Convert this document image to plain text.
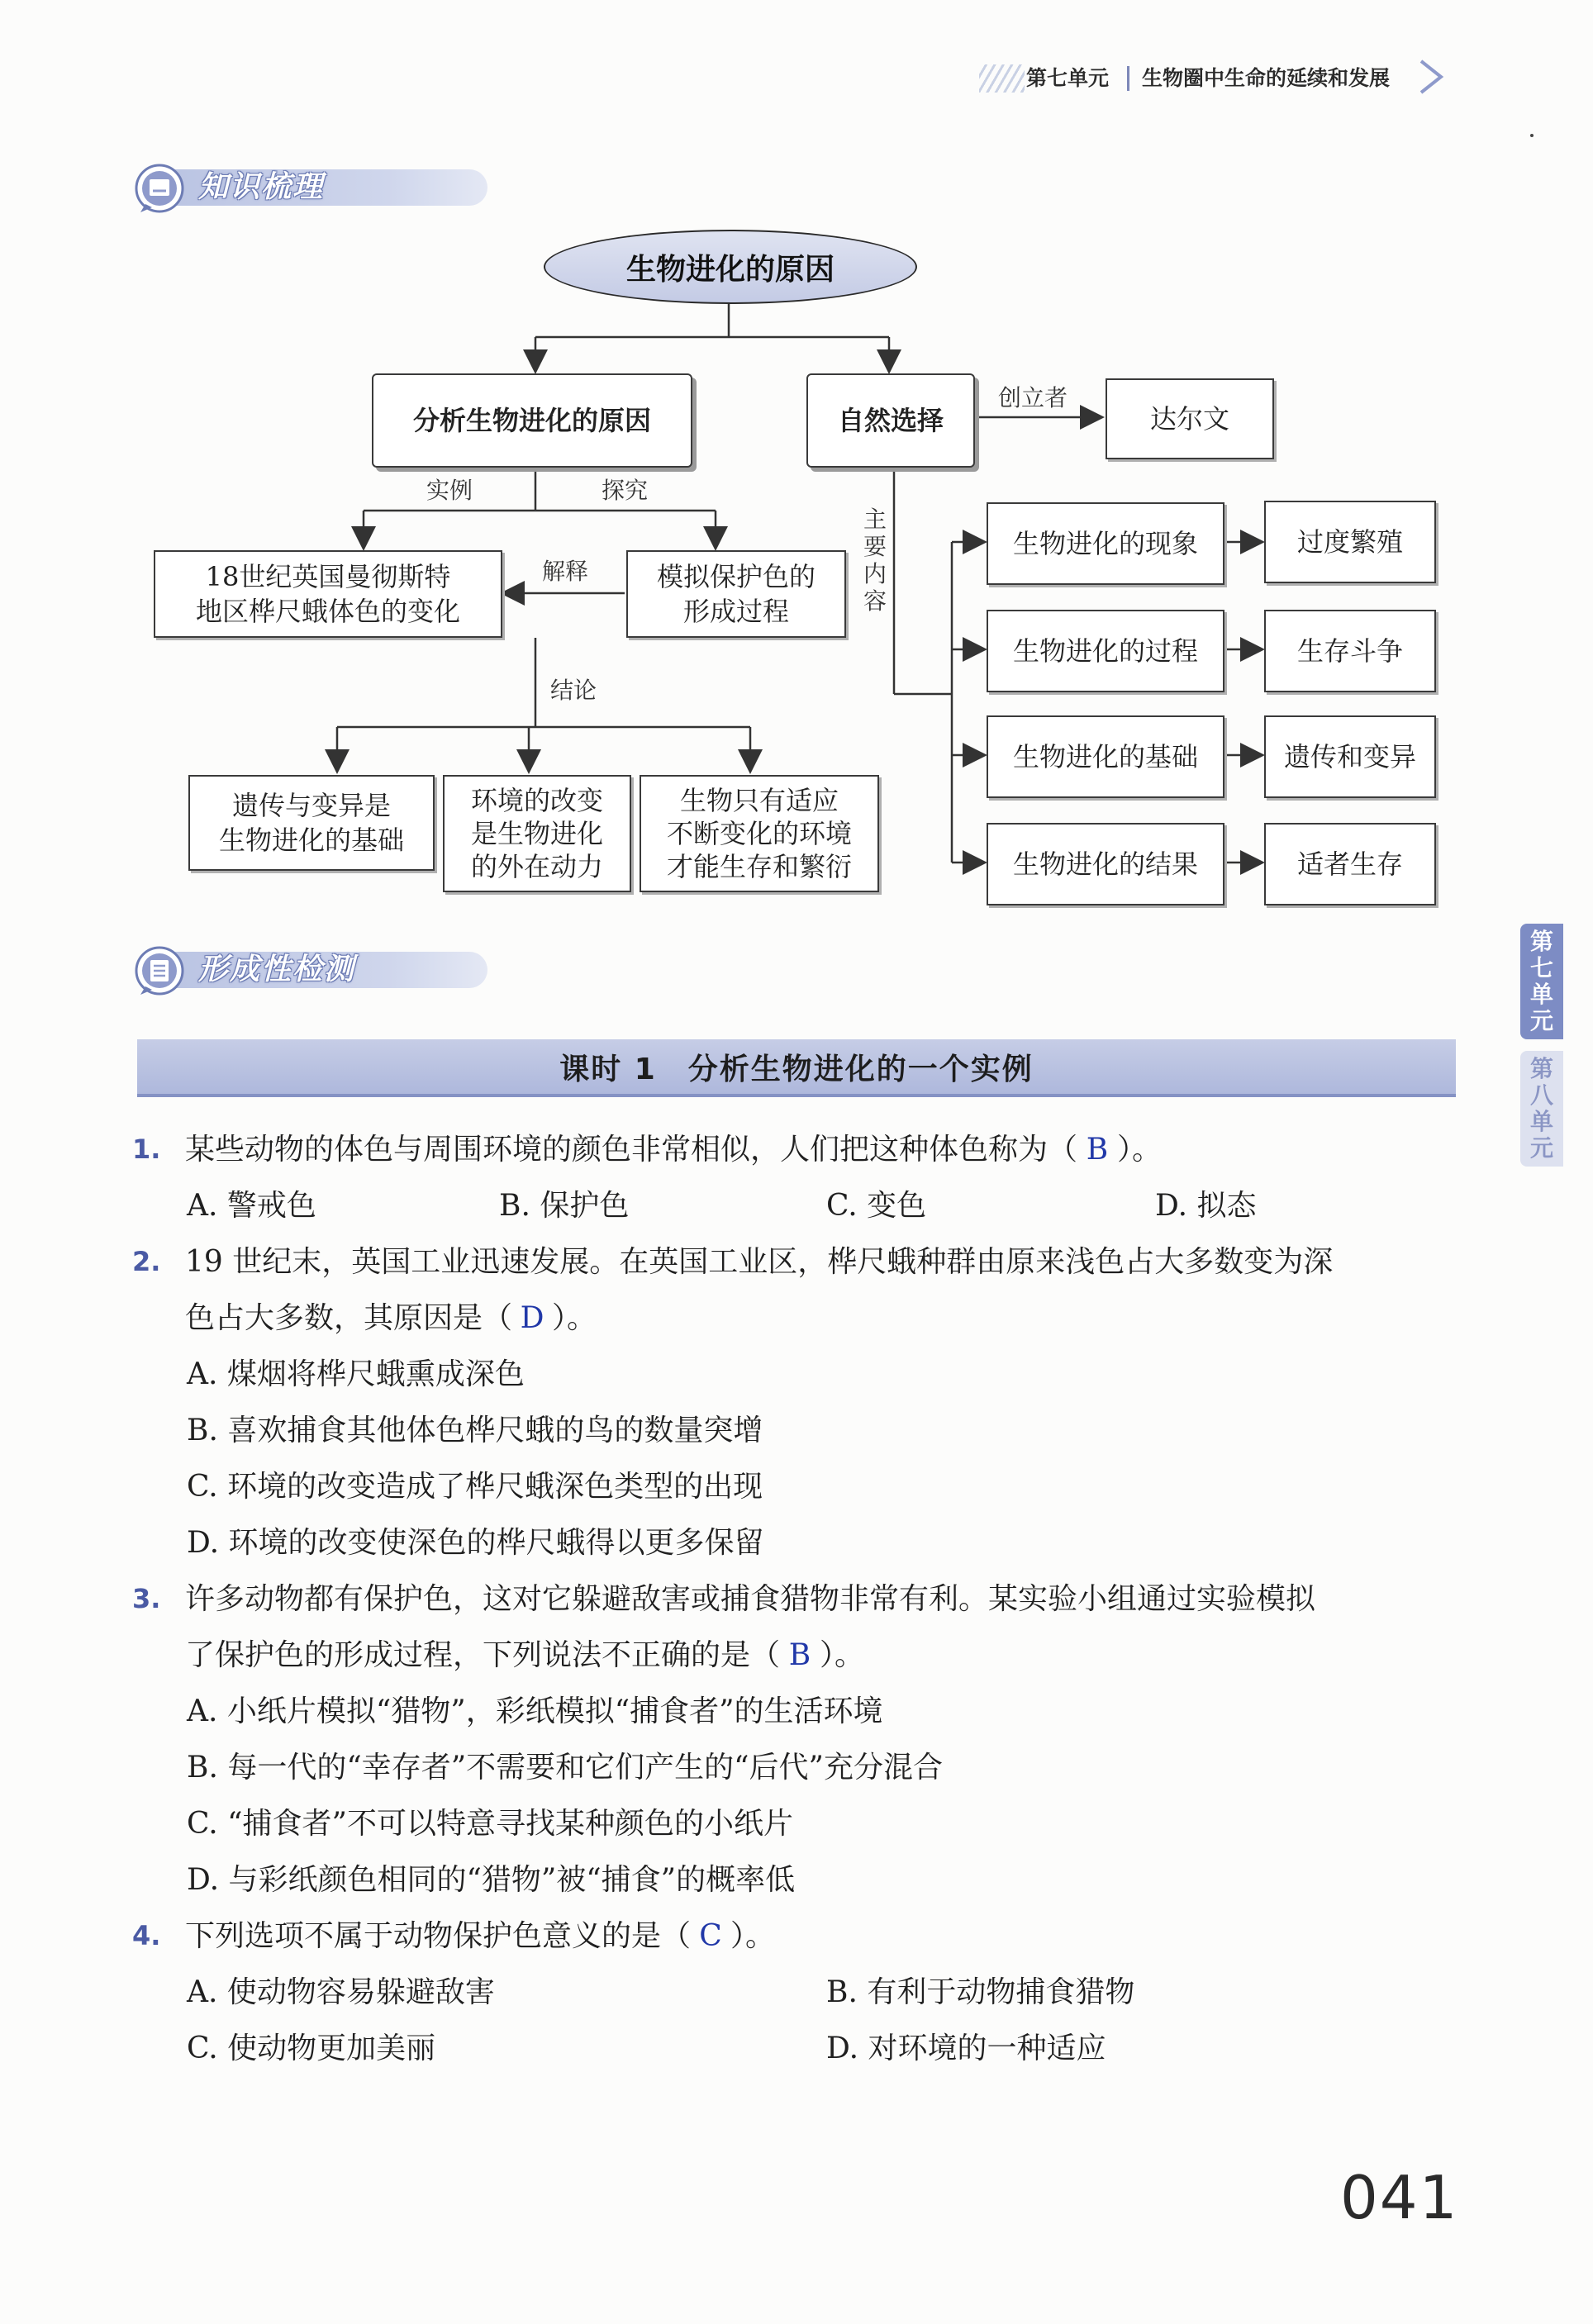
第七单元 生物圈中生命的延续和发展
知识梳理
生物进化的原因
分析生物进化的原因	自然选择
创立者
达尔文
实例	探究
18世纪英国曼彻斯特
地区桦尺蛾体色的变化
解释	模拟保护色的
形成过程
结论
遗传与变异是
生物进化的基础
环境的改变
是生物进化
的外在动力
生物只有适应
不断变化的环境
才能生存和繁衍
主
要
内
容
生物进化的现象
生物进化的过程
生物进化的基础
生物进化的结果
过度繁殖
生存斗争
遗传和变异
适者生存
形成性检测
课时 1　分析生物进化的一个实例
1. 某些动物的体色与周围环境的颜色非常相似，人们把这种体色称为（ B ）。
A. 警戒色	B. 保护色	C. 变色	D. 拟态
2. 19 世纪末，英国工业迅速发展。在英国工业区，桦尺蛾种群由原来浅色占大多数变为深
色占大多数，其原因是（ D ）。
A. 煤烟将桦尺蛾熏成深色
B. 喜欢捕食其他体色桦尺蛾的鸟的数量突增
C. 环境的改变造成了桦尺蛾深色类型的出现
D. 环境的改变使深色的桦尺蛾得以更多保留
3. 许多动物都有保护色，这对它躲避敌害或捕食猎物非常有利。某实验小组通过实验模拟
了保护色的形成过程，下列说法不正确的是（ B ）。
A. 小纸片模拟“猎物”，彩纸模拟“捕食者”的生活环境
B. 每一代的“幸存者”不需要和它们产生的“后代”充分混合
C. “捕食者”不可以特意寻找某种颜色的小纸片
D. 与彩纸颜色相同的“猎物”被“捕食”的概率低
4. 下列选项不属于动物保护色意义的是（ C ）。
A. 使动物容易躲避敌害	B. 有利于动物捕食猎物
C. 使动物更加美丽	D. 对环境的一种适应
第
七
单
元
第
八
单
元
041
